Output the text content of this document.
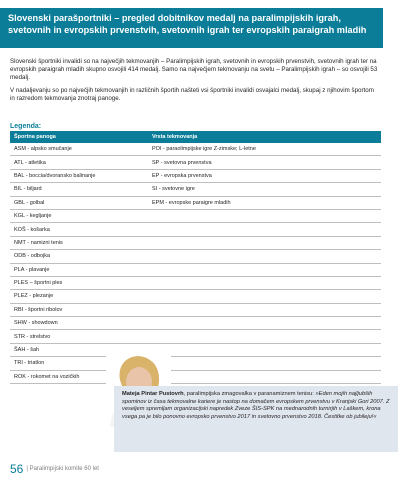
Slovenski parašportniki – pregled dobitnikov medalj na paralimpijskih igrah, svetovnih in evropskih prvenstvih, svetovnih igrah ter evropskih paraigrah mladih

Slovenski športniki invalidi so na največjih tekmovanjih – Paralimpijskih igrah, svetovnih in evropskih prvenstvih, svetovnih igrah ter na evropskih paraigrah mladih skupno osvojili 414 medalj. Samo na največjem tekmovanju na svetu – Paralimpijskih igrah – so osvojili 53 medalj.

V nadaljevanju so po največjih tekmovanjih in različnih športih našteti vsi športniki invalidi osvajalci medalj, skupaj z njihovim športom in razredom tekmovanja znotraj panoge.

Legenda:
Športna panoga	Vrsta tekmovanja
ASM - alpsko smučanje	POI - paraolimpijske igre Z-zimske; L-letne
ATL - atletika	SP - svetovna prvenstva
BAL - boccia/dvoransko balinanje	EP - evropska prvenstva
BIL - biljard	SI - svetovne igre
GBL - golbal	EPM - evropske paraigre mladih
KGL - kegljanje	
KOŠ - košarka	
NMT - namizni tenis	
ODB - odbojka	
PLA - plavanje	
PLES – športni ples	
PLEZ - plezanje	
RBI - športni ribolov	
SHW - showdown	
STR - strelstvo	
ŠAH - šah	
TRI - triatlon	
ROK - rokomet na vozičkih	
Mateja Pintar Pustovrh, paralimpijska zmagovalka v paranamiznem tenisu: »Eden mojih najljubših spominov iz časa tekmovalne kariere je nastop na domačem evropskem prvenstvu v Kranjski Gori 2007. Z veseljem spremljam organizacijski napredek Zveze ŠIS-SPK na mednarodnih turnirjih v Laškem, krona vsega pa je bilo ponovno evropsko prvenstvo 2017 in svetovno prvenstvo 2018. Čestitke ob jubileju!«
56 | Paralimpijski komite 60 let
